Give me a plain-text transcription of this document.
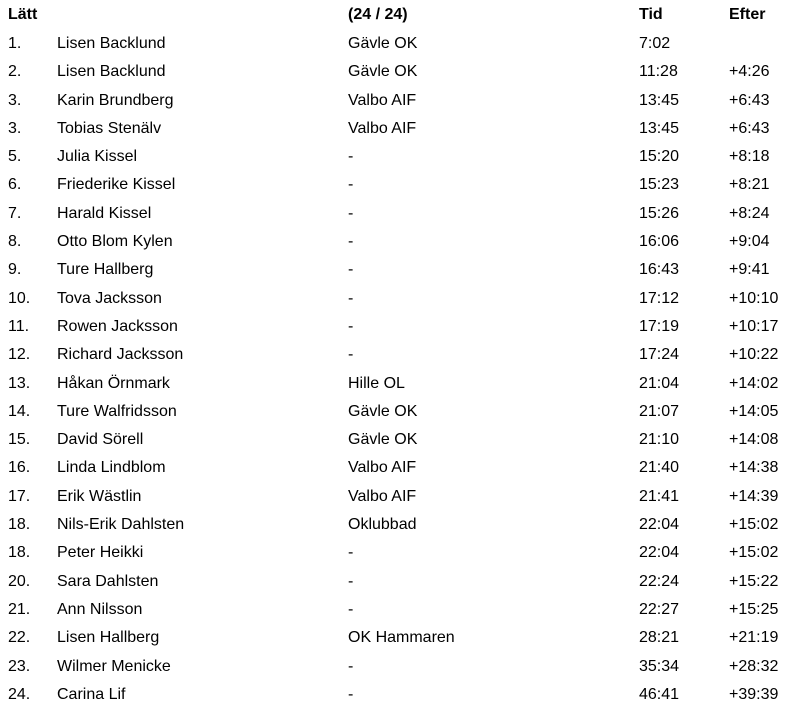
Lätt	(24 / 24)	Tid	Efter
1. Lisen Backlund	Gävle OK	7:02
2. Lisen Backlund	Gävle OK	11:28	+4:26
3. Karin Brundberg	Valbo AIF	13:45	+6:43
3. Tobias Stenälv	Valbo AIF	13:45	+6:43
5. Julia Kissel	-	15:20	+8:18
6. Friederike Kissel	-	15:23	+8:21
7. Harald Kissel	-	15:26	+8:24
8. Otto Blom Kylen	-	16:06	+9:04
9. Ture Hallberg	-	16:43	+9:41
10. Tova Jacksson	-	17:12	+10:10
11. Rowen Jacksson	-	17:19	+10:17
12. Richard Jacksson	-	17:24	+10:22
13. Håkan Örnmark	Hille OL	21:04	+14:02
14. Ture Walfridsson	Gävle OK	21:07	+14:05
15. David Sörell	Gävle OK	21:10	+14:08
16. Linda Lindblom	Valbo AIF	21:40	+14:38
17. Erik Wästlin	Valbo AIF	21:41	+14:39
18. Nils-Erik Dahlsten	Oklubbad	22:04	+15:02
18. Peter Heikki	-	22:04	+15:02
20. Sara Dahlsten	-	22:24	+15:22
21. Ann Nilsson	-	22:27	+15:25
22. Lisen Hallberg	OK Hammaren	28:21	+21:19
23. Wilmer Menicke	-	35:34	+28:32
24. Carina Lif	-	46:41	+39:39
